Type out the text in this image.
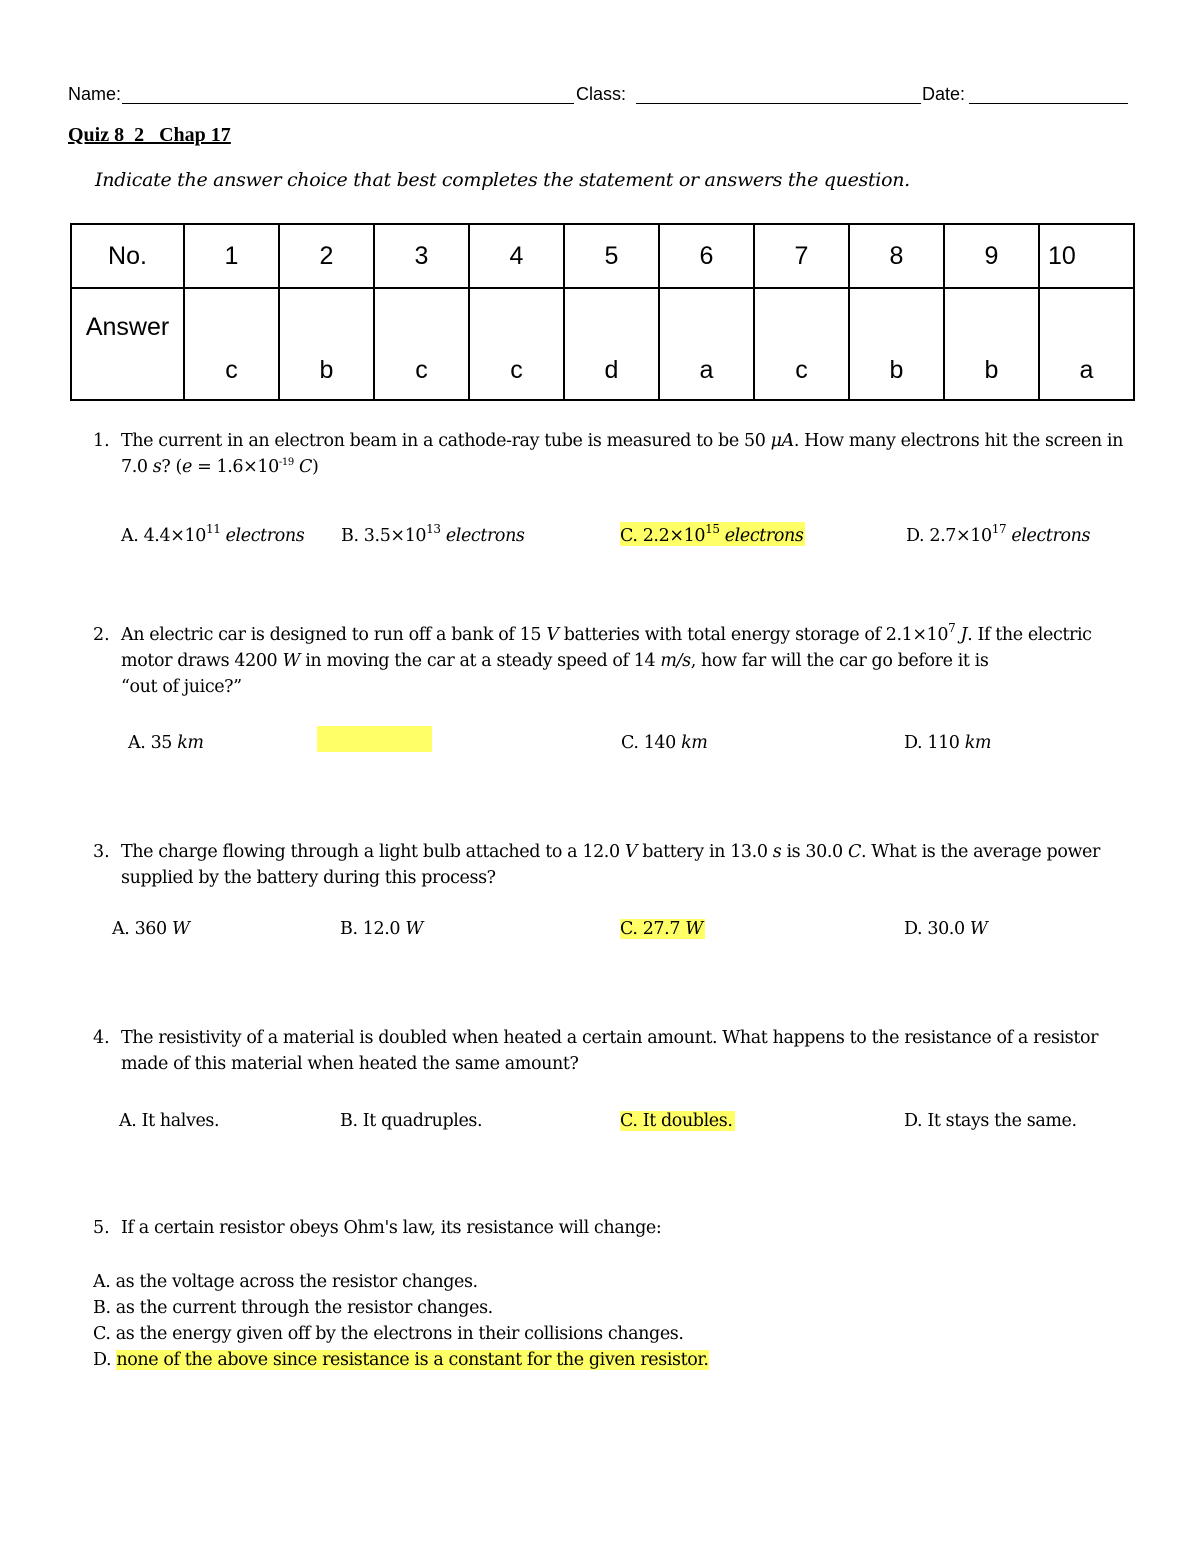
Name:	Class:	Date:
Quiz 8_2 _Chap 17
Indicate the answer choice that best completes the statement or answers the question.
No.	1	2	3	4	5	6	7	8	9	10
Answer	c	b	c	c	d	a	c	b	b	a
1. The current in an electron beam in a cathode-ray tube is measured to be 50 μA. How many electrons hit the screen in
7.0 s? ($e = 1.6\times 10^{-19}$ C)
A. $4.4\times 10^{11}$ electrons B. $3.5\times 10^{13}$ electrons	C. $2.2\times 10^{15}$ electrons	D. $2.7\times 10^{17}$ electrons
2. An electric car is designed to run off a bank of 15 V batteries with total energy storage of $2.1\times 10^7$ J. If the electric
motor draws 4200 W in moving the car at a steady speed of 14 m/s, how far will the car go before it is
“out of juice?”
A. 35 km	C. 140 km	D. 110 km
3. The charge flowing through a light bulb attached to a 12.0 V battery in 13.0 s is 30.0 C. What is the average power
supplied by the battery during this process?
A. 360 W	B. 12.0 W	C. 27.7 W	D. 30.0 W
4. The resistivity of a material is doubled when heated a certain amount. What happens to the resistance of a resistor
made of this material when heated the same amount?
A. It halves.	B. It quadruples.	C. It doubles.	D. It stays the same.
5. If a certain resistor obeys Ohm's law, its resistance will change:
A. as the voltage across the resistor changes.
B. as the current through the resistor changes.
C. as the energy given off by the electrons in their collisions changes.
D. none of the above since resistance is a constant for the given resistor.
